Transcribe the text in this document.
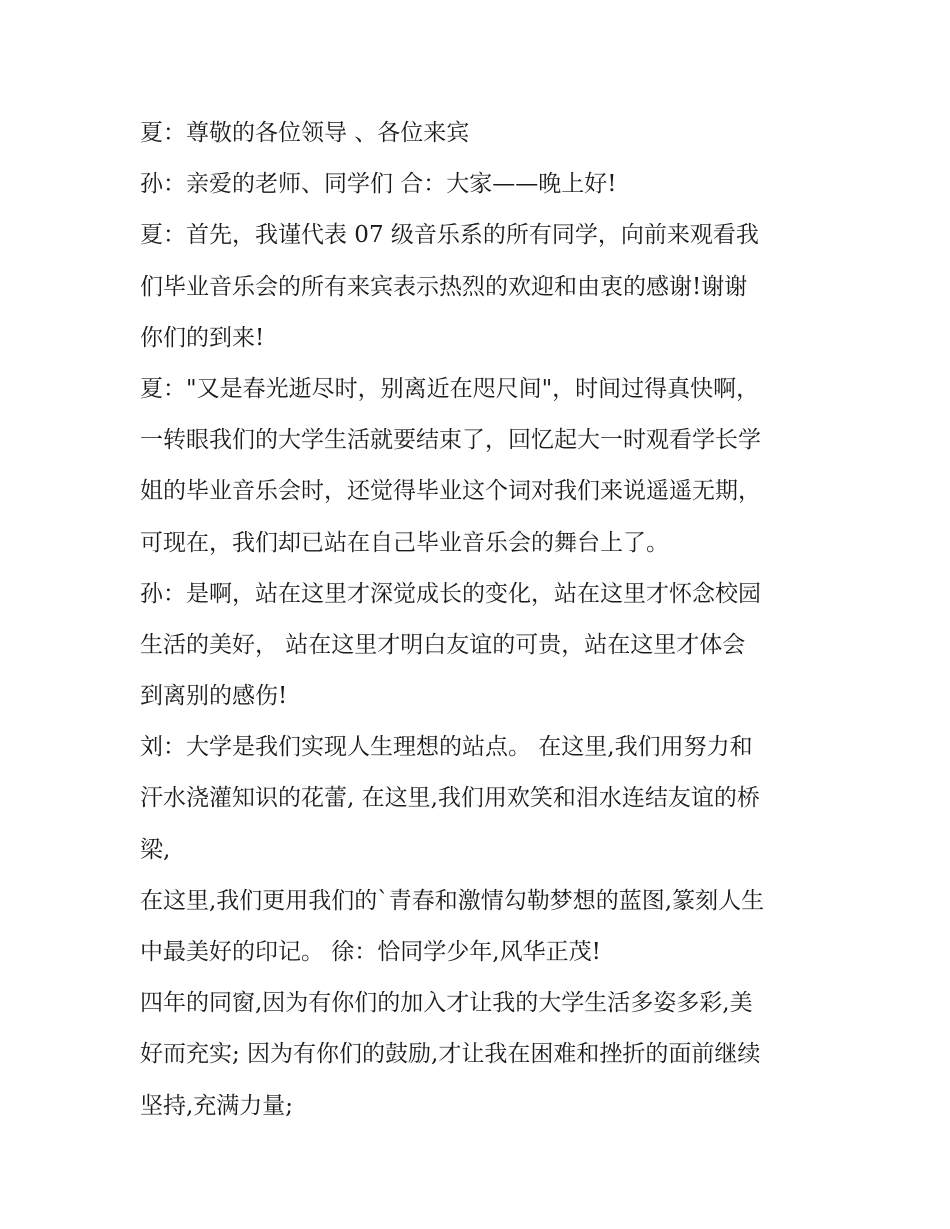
夏：尊敬的各位领导 、各位来宾
孙：亲爱的老师、同学们 合：大家——晚上好!
夏：首先，我谨代表 07 级音乐系的所有同学，向前来观看我
们毕业音乐会的所有来宾表示热烈的欢迎和由衷的感谢!谢谢
你们的到来!
夏："又是春光逝尽时，别离近在咫尺间"，时间过得真快啊，
一转眼我们的大学生活就要结束了，回忆起大一时观看学长学
姐的毕业音乐会时，还觉得毕业这个词对我们来说遥遥无期，
可现在，我们却已站在自己毕业音乐会的舞台上了。
孙：是啊，站在这里才深觉成长的变化，站在这里才怀念校园
生活的美好， 站在这里才明白友谊的可贵，站在这里才体会
到离别的感伤!
刘：大学是我们实现人生理想的站点。 在这里,我们用努力和
汗水浇灌知识的花蕾, 在这里,我们用欢笑和泪水连结友谊的桥
梁,
在这里,我们更用我们的`青春和激情勾勒梦想的蓝图,篆刻人生
中最美好的印记。 徐：恰同学少年,风华正茂!
四年的同窗,因为有你们的加入才让我的大学生活多姿多彩,美
好而充实; 因为有你们的鼓励,才让我在困难和挫折的面前继续
坚持,充满力量;
